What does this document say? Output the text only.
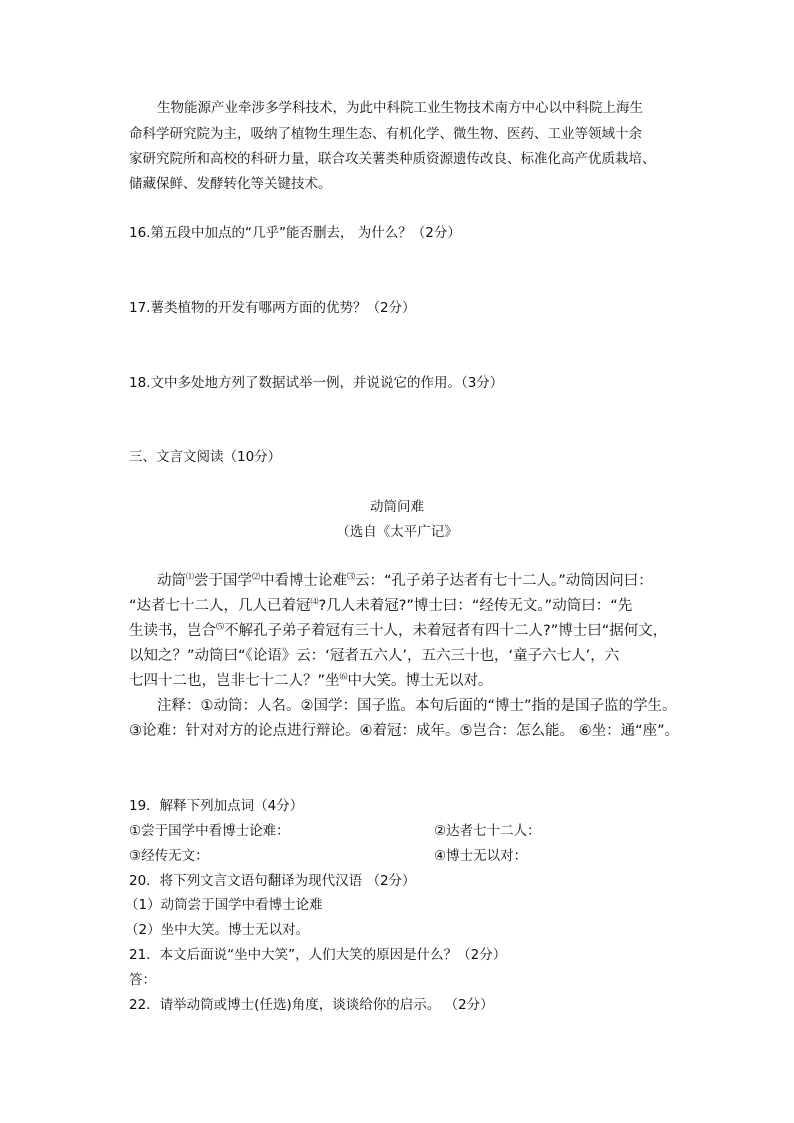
生物能源产业牵涉多学科技术，为此中科院工业生物技术南方中心以中科院上海生
命科学研究院为主，吸纳了植物生理生态、有机化学、微生物、医药、工业等领域十余
家研究院所和高校的科研力量，联合攻关薯类种质资源遗传改良、标准化高产优质栽培、
储藏保鲜、发酵转化等关键技术。
16.第五段中加点的“几乎”能否删去， 为什么？（2分）
17.薯类植物的开发有哪两方面的优势？（2分）
18.文中多处地方列了数据试举一例，并说说它的作用。（3分）
三、文言文阅读（10分）
动筒问难
（选自《太平广记》
动筒⑴尝于国学⑵中看博士论难⑶云：“孔子弟子达者有七十二人。”动筒因问曰：
“达者七十二人，几人已着冠⑷?几人未着冠?”博士曰：“经传无文。”动筒曰：“先
生读书，岂合⑸不解孔子弟子着冠有三十人，未着冠者有四十二人?”博士曰“据何文，
以知之？”动筒曰“《论语》云：‘冠者五六人’，五六三十也，‘童子六七人’，六
七四十二也，岂非七十二人？”坐⑹中大笑。博士无以对。
注释：①动筒：人名。②国学：国子监。本句后面的“博士”指的是国子监的学生。
③论难：针对对方的论点进行辩论。④着冠：成年。⑤岂合：怎么能。 ⑥坐：通“座”。
19．解释下列加点词（4分）
①尝于国学中看博士论难：	②达者七十二人：
③经传无文：	④博士无以对：
20．将下列文言文语句翻译为现代汉语 （2分）
（1）动筒尝于国学中看博士论难
（2）坐中大笑。博士无以对。
21．本文后面说“坐中大笑”，人们大笑的原因是什么？（2分）
答：
22．请举动筒或博士(任选)角度，谈谈给你的启示。 （2分）
